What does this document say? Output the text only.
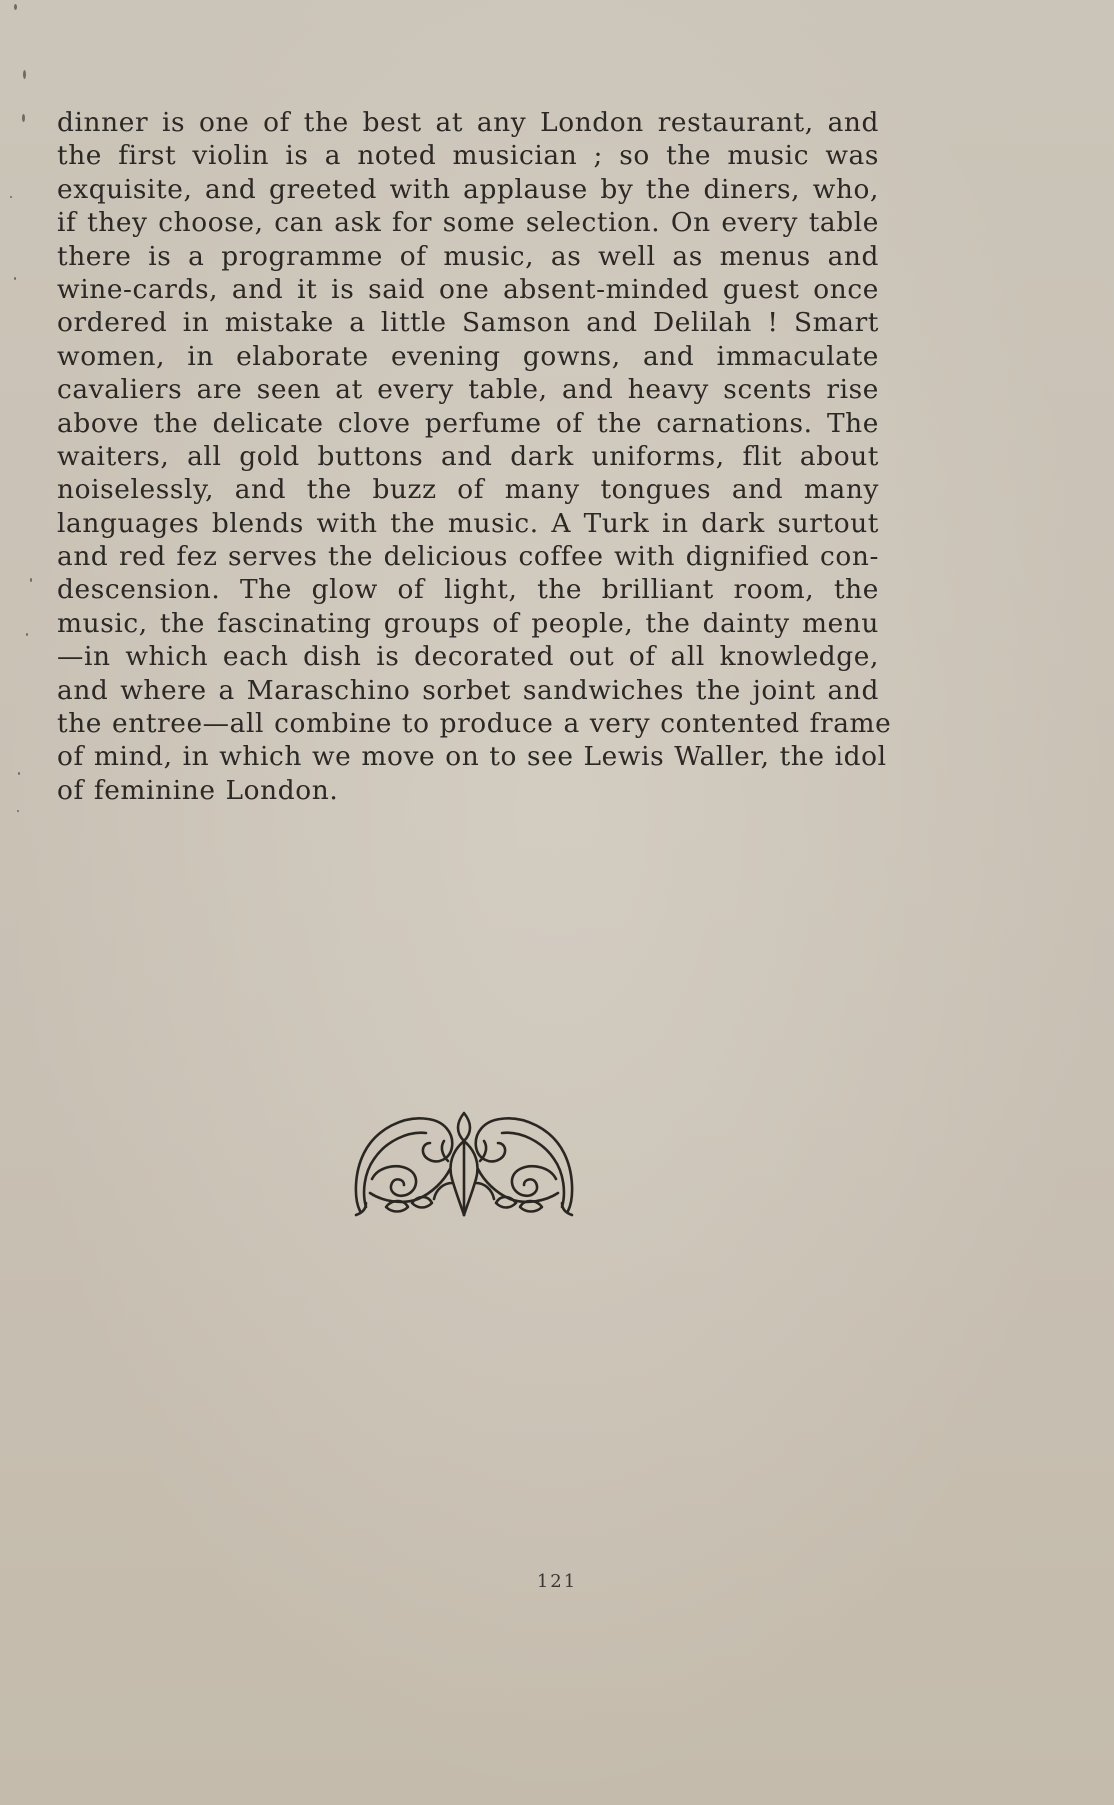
dinner is one of the best at any London restaurant, and
the first violin is a noted musician ; so the music was
exquisite, and greeted with applause by the diners, who,
if they choose, can ask for some selection. On every table
there is a programme of music, as well as menus and
wine-cards, and it is said one absent-minded guest once
ordered in mistake a little Samson and Delilah ! Smart
women, in elaborate evening gowns, and immaculate
cavaliers are seen at every table, and heavy scents rise
above the delicate clove perfume of the carnations. The
waiters, all gold buttons and dark uniforms, flit about
noiselessly, and the buzz of many tongues and many
languages blends with the music. A Turk in dark surtout
and red fez serves the delicious coffee with dignified con-
descension. The glow of light, the brilliant room, the
music, the fascinating groups of people, the dainty menu
—in which each dish is decorated out of all knowledge,
and where a Maraschino sorbet sandwiches the joint and
the entree—all combine to produce a very contented frame
of mind, in which we move on to see Lewis Waller, the idol
of feminine London.
121
